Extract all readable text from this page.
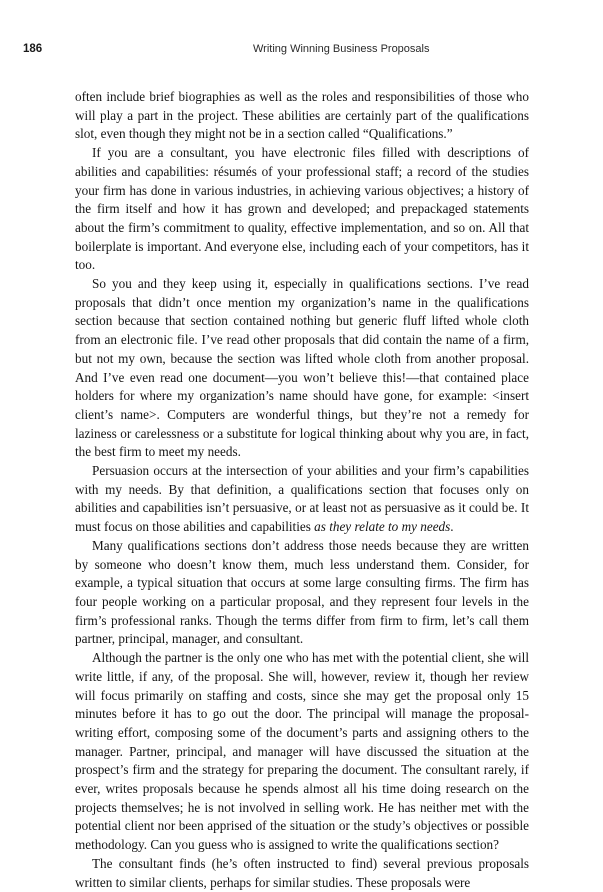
186	Writing Winning Business Proposals

often include brief biographies as well as the roles and responsibilities of those who will play a part in the project. These abilities are certainly part of the qualifications slot, even though they might not be in a section called “Qualifications.”

If you are a consultant, you have electronic files filled with descriptions of abilities and capabilities: résumés of your professional staff; a record of the studies your firm has done in various industries, in achieving various objectives; a history of the firm itself and how it has grown and developed; and prepackaged statements about the firm’s commitment to quality, effective implementation, and so on. All that boilerplate is important. And everyone else, including each of your competitors, has it too.

So you and they keep using it, especially in qualifications sections. I’ve read proposals that didn’t once mention my organization’s name in the qualifications section because that section contained nothing but generic fluff lifted whole cloth from an electronic file. I’ve read other proposals that did contain the name of a firm, but not my own, because the section was lifted whole cloth from another proposal. And I’ve even read one document—you won’t believe this!—that contained place holders for where my organization’s name should have gone, for example: <insert client’s name>. Computers are wonderful things, but they’re not a remedy for laziness or carelessness or a substitute for logical thinking about why you are, in fact, the best firm to meet my needs.

Persuasion occurs at the intersection of your abilities and your firm’s capabilities with my needs. By that definition, a qualifications section that focuses only on abilities and capabilities isn’t persuasive, or at least not as persuasive as it could be. It must focus on those abilities and capabilities as they relate to my needs.

Many qualifications sections don’t address those needs because they are written by someone who doesn’t know them, much less understand them. Consider, for example, a typical situation that occurs at some large consulting firms. The firm has four people working on a particular proposal, and they represent four levels in the firm’s professional ranks. Though the terms differ from firm to firm, let’s call them partner, principal, manager, and consultant.

Although the partner is the only one who has met with the potential client, she will write little, if any, of the proposal. She will, however, review it, though her review will focus primarily on staffing and costs, since she may get the proposal only 15 minutes before it has to go out the door. The principal will manage the proposal-writing effort, composing some of the document’s parts and assigning others to the manager. Partner, principal, and manager will have discussed the situation at the prospect’s firm and the strategy for preparing the document. The consultant rarely, if ever, writes proposals because he spends almost all his time doing research on the projects themselves; he is not involved in selling work. He has neither met with the potential client nor been apprised of the situation or the study’s objectives or possible methodology. Can you guess who is assigned to write the qualifications section?

The consultant finds (he’s often instructed to find) several previous proposals written to similar clients, perhaps for similar studies. These proposals were
